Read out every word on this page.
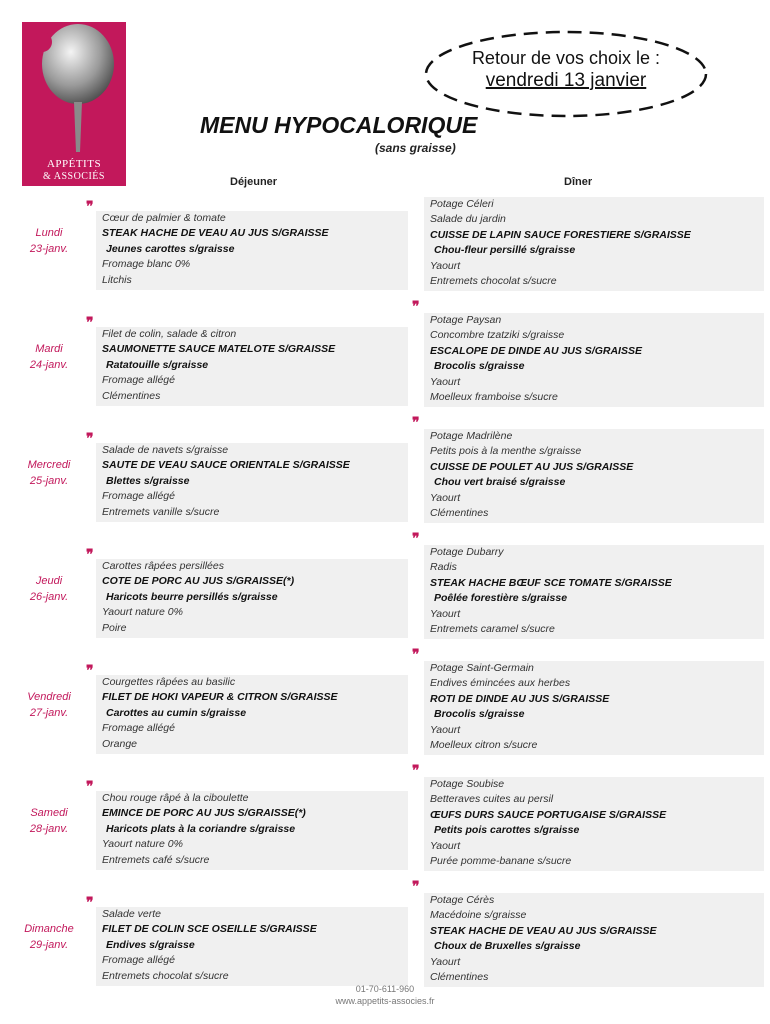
APPÉTITS
& ASSOCIÉS
Retour de vos choix le :
vendredi 13 janvier
MENU HYPOCALORIQUE
(sans graisse)
Déjeuner	Dîner
Lundi
23-janv.
❞
Cœur de palmier & tomate
STEAK HACHE DE VEAU AU JUS S/GRAISSE
Jeunes carottes s/graisse
Fromage blanc 0%
Litchis
Potage Céleri
Salade du jardin
CUISSE DE LAPIN SAUCE FORESTIERE S/GRAISSE
Chou-fleur persillé s/graisse
Yaourt
Entremets chocolat s/sucre
Mardi
24-janv.
❞
❞
Filet de colin, salade & citron
SAUMONETTE SAUCE MATELOTE S/GRAISSE
Ratatouille s/graisse
Fromage allégé
Clémentines
Potage Paysan
Concombre tzatziki s/graisse
ESCALOPE DE DINDE AU JUS S/GRAISSE
Brocolis s/graisse
Yaourt
Moelleux framboise s/sucre
Mercredi
25-janv.
❞
❞
Salade de navets s/graisse
SAUTE DE VEAU SAUCE ORIENTALE S/GRAISSE
Blettes s/graisse
Fromage allégé
Entremets vanille s/sucre
Potage Madrilène
Petits pois à la menthe s/graisse
CUISSE DE POULET AU JUS S/GRAISSE
Chou vert braisé s/graisse
Yaourt
Clémentines
Jeudi
26-janv.
❞
❞
Carottes râpées persillées
COTE DE PORC AU JUS S/GRAISSE(*)
Haricots beurre persillés s/graisse
Yaourt nature 0%
Poire
Potage Dubarry
Radis
STEAK HACHE BŒUF SCE TOMATE S/GRAISSE
Poêlée forestière s/graisse
Yaourt
Entremets caramel s/sucre
Vendredi
27-janv.
❞
❞
Courgettes râpées au basilic
FILET DE HOKI VAPEUR & CITRON S/GRAISSE
Carottes au cumin s/graisse
Fromage allégé
Orange
Potage Saint-Germain
Endives émincées aux herbes
ROTI DE DINDE AU JUS S/GRAISSE
Brocolis s/graisse
Yaourt
Moelleux citron s/sucre
Samedi
28-janv.
❞
❞
Chou rouge râpé à la ciboulette
EMINCE DE PORC AU JUS S/GRAISSE(*)
Haricots plats à la coriandre s/graisse
Yaourt nature 0%
Entremets café s/sucre
Potage Soubise
Betteraves cuites au persil
ŒUFS DURS SAUCE PORTUGAISE S/GRAISSE
Petits pois carottes s/graisse
Yaourt
Purée pomme-banane s/sucre
Dimanche
29-janv.
❞
❞
Salade verte
FILET DE COLIN SCE OSEILLE S/GRAISSE
Endives s/graisse
Fromage allégé
Entremets chocolat s/sucre
Potage Cérès
Macédoine s/graisse
STEAK HACHE DE VEAU AU JUS S/GRAISSE
Choux de Bruxelles s/graisse
Yaourt
Clémentines
01-70-611-960
www.appetits-associes.fr
